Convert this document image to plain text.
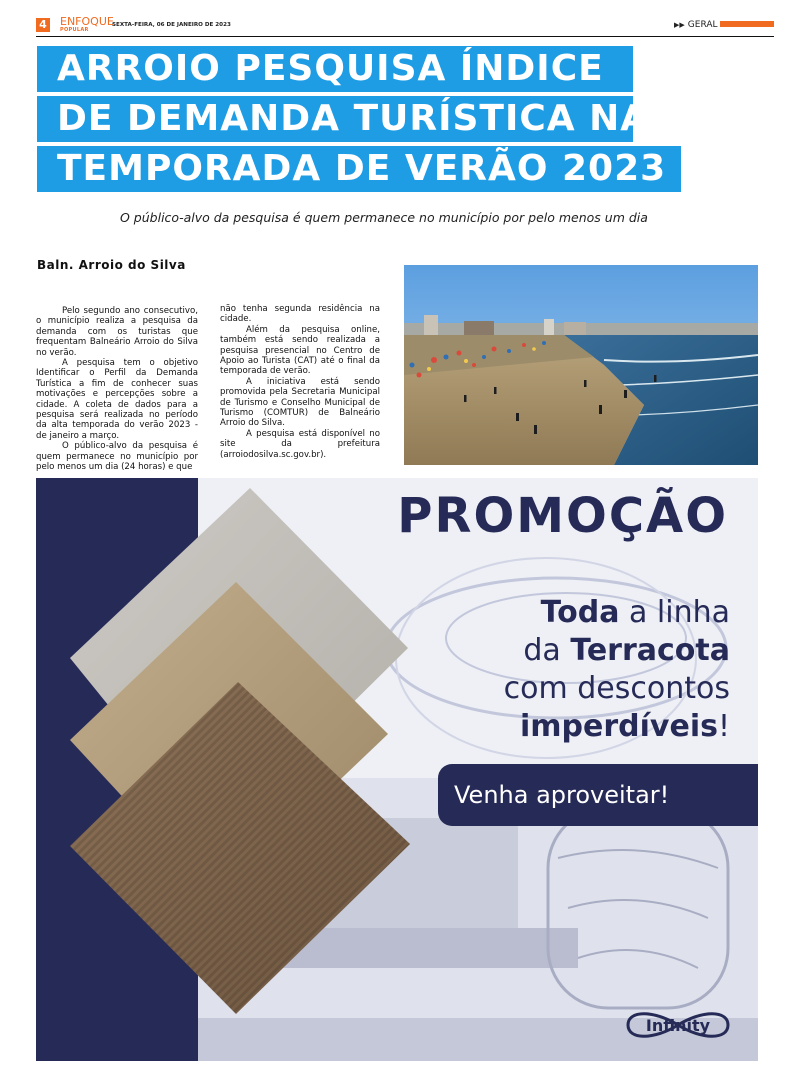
4 ENFOQUE
POPULAR
SEXTA-FEIRA, 06 DE JANEIRO DE 2023	▶▶ GERAL
ARROIO PESQUISA ÍNDICE
DE DEMANDA TURÍSTICA NA
TEMPORADA DE VERÃO 2023
O público-alvo da pesquisa é quem permanece no município por pelo menos um dia
Baln. Arroio do Silva

Pelo segundo ano consecutivo, o município realiza a pesquisa da demanda com os turistas que frequentam Balneário Arroio do Silva no verão.

A pesquisa tem o objetivo Identificar o Perfil da Demanda Turística a fim de conhecer suas motivações e percepções sobre a cidade. A coleta de dados para a pesquisa será realizada no período da alta temporada do verão 2023 - de janeiro a março.

O público-alvo da pesquisa é quem permanece no município por pelo menos um dia (24 horas) e que

não tenha segunda residência na cidade.

Além da pesquisa online, também está sendo realizada a pesquisa presencial no Centro de Apoio ao Turista (CAT) até o final da temporada de verão.

A iniciativa está sendo promovida pela Secretaria Municipal de Turismo e Conselho Municipal de Turismo (COMTUR) de Balneário Arroio do Silva.

A pesquisa está disponível no site da prefeitura (arroiodosilva.sc.gov.br).

PROMOÇÃO
Toda a linha
da Terracota
com descontos
imperdíveis!
Venha aproveitar!
Infinity
